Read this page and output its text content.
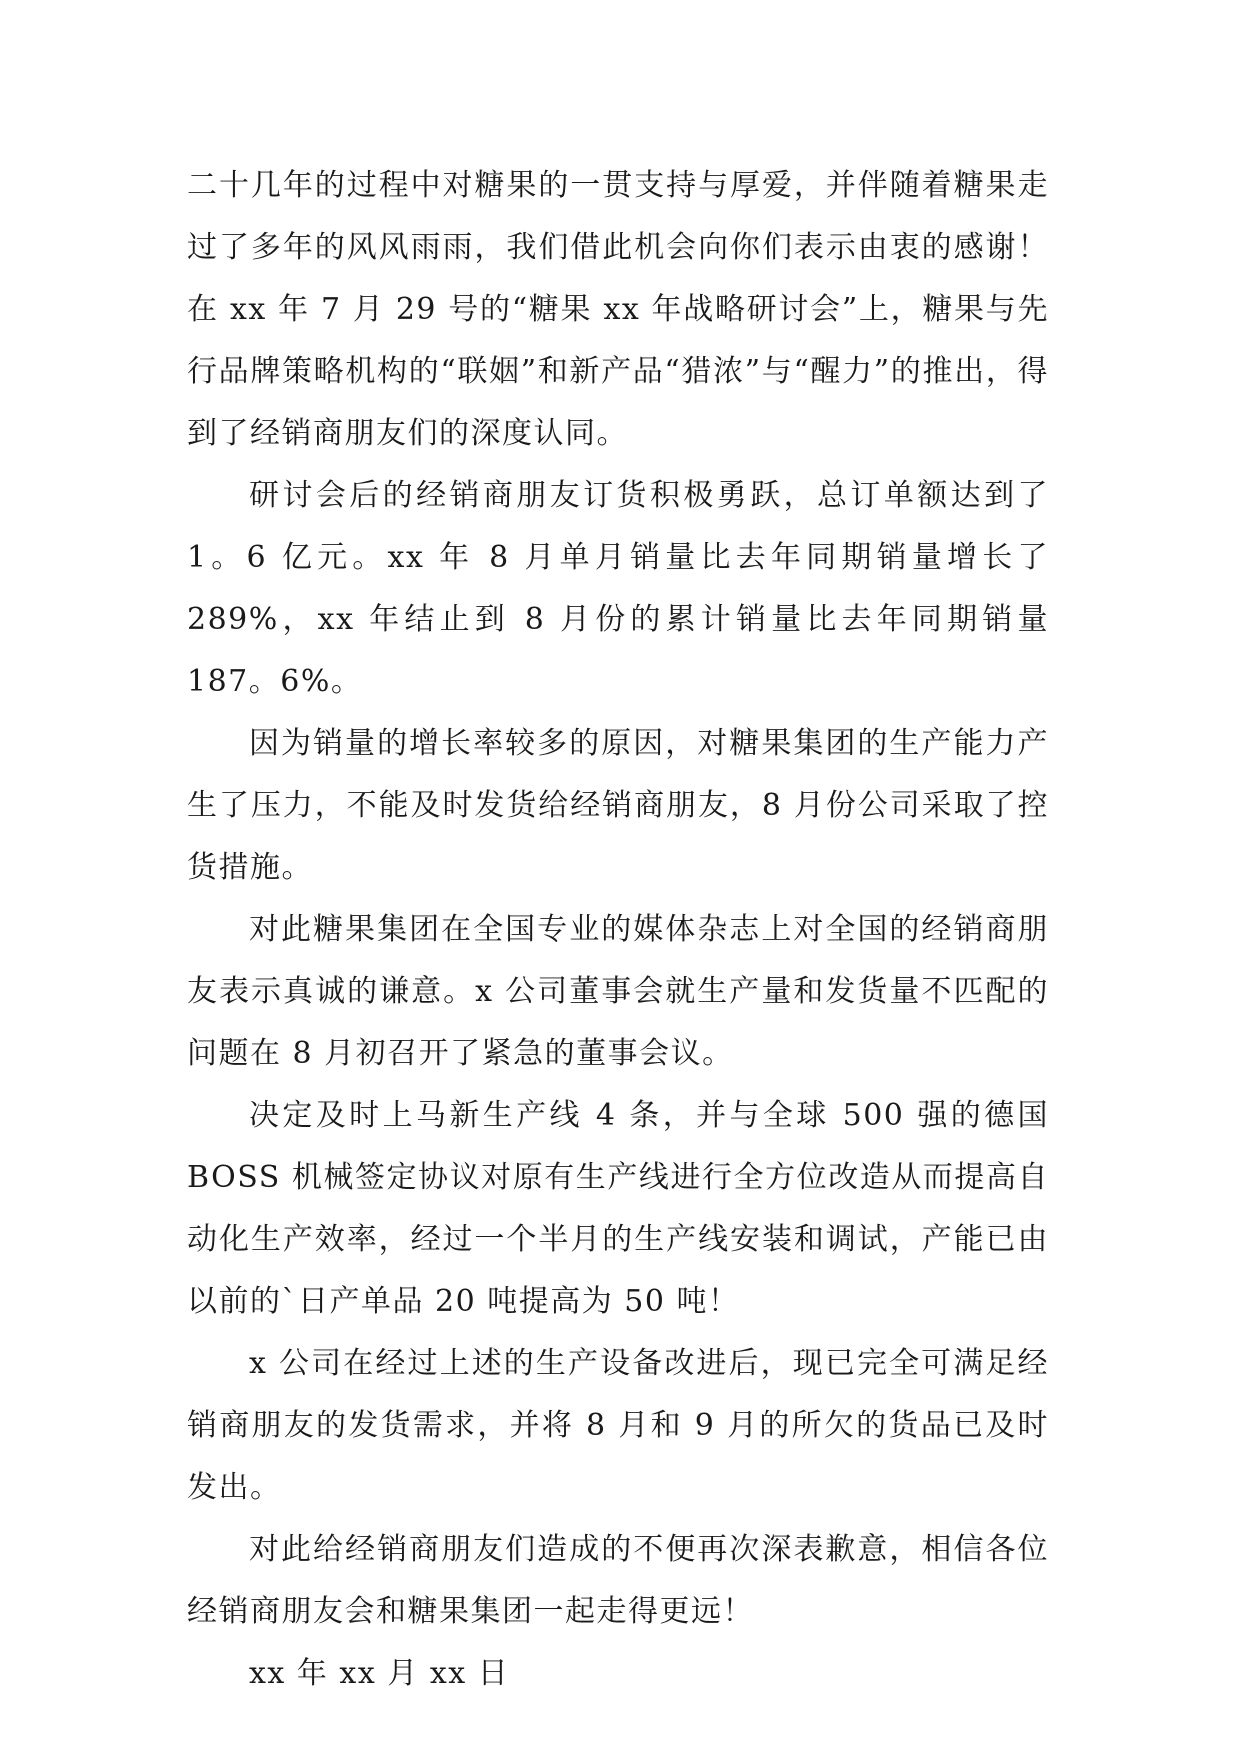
二十几年的过程中对糖果的一贯支持与厚爱，并伴随着糖果走过了多年的风风雨雨，我们借此机会向你们表示由衷的感谢！在 xx 年 7 月 29 号的“糖果 xx 年战略研讨会”上，糖果与先行品牌策略机构的“联姻”和新产品“猎浓”与“醒力”的推出，得到了经销商朋友们的深度认同。

研讨会后的经销商朋友订货积极勇跃，总订单额达到了 1。6 亿元。xx 年 8 月单月销量比去年同期销量增长了 289%，xx 年结止到 8 月份的累计销量比去年同期销量 187。6%。

因为销量的增长率较多的原因，对糖果集团的生产能力产生了压力，不能及时发货给经销商朋友，8 月份公司采取了控货措施。

对此糖果集团在全国专业的媒体杂志上对全国的经销商朋友表示真诚的谦意。x 公司董事会就生产量和发货量不匹配的问题在 8 月初召开了紧急的董事会议。

决定及时上马新生产线 4 条，并与全球 500 强的德国 BOSS 机械签定协议对原有生产线进行全方位改造从而提高自动化生产效率，经过一个半月的生产线安装和调试，产能已由以前的`日产单品 20 吨提高为 50 吨！

x 公司在经过上述的生产设备改进后，现已完全可满足经销商朋友的发货需求，并将 8 月和 9 月的所欠的货品已及时发出。

对此给经销商朋友们造成的不便再次深表歉意，相信各位经销商朋友会和糖果集团一起走得更远！

xx 年 xx 月 xx 日
